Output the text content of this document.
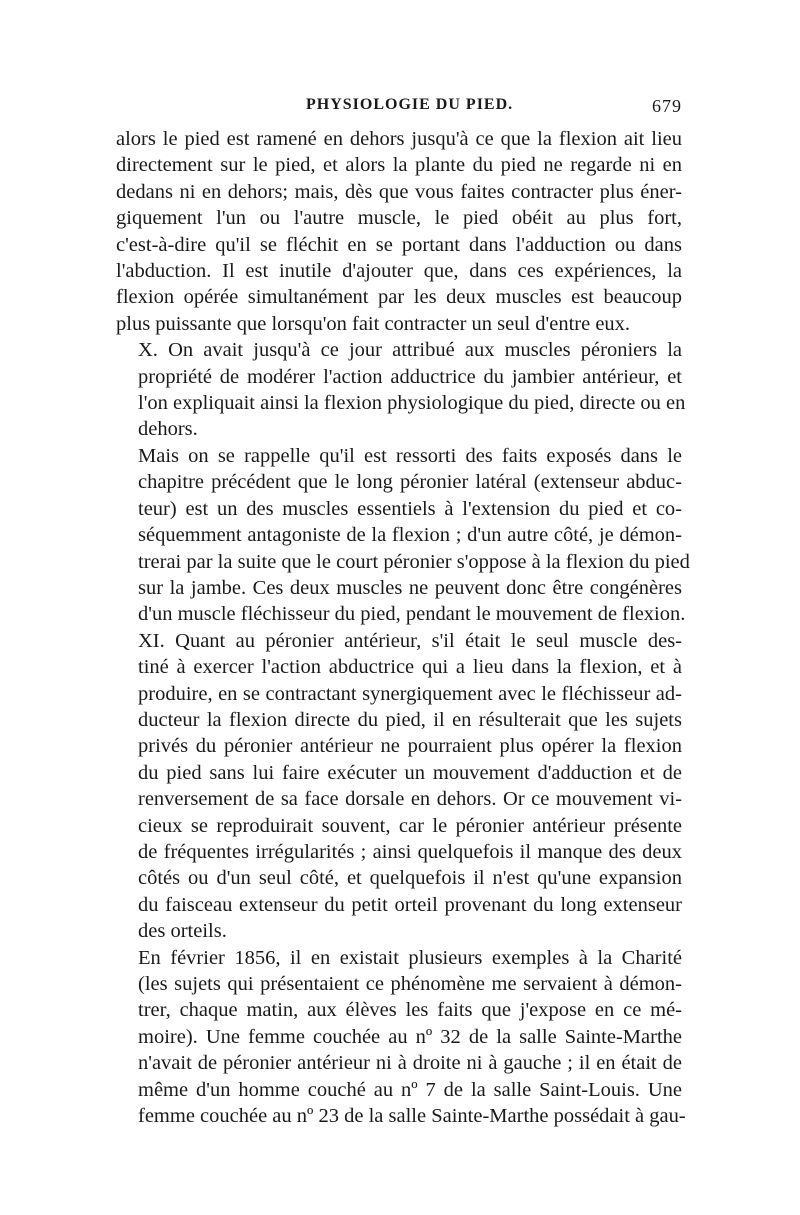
PHYSIOLOGIE DU PIED.	679

alors le pied est ramené en dehors jusqu'à ce que la flexion ait lieu
directement sur le pied, et alors la plante du pied ne regarde ni en
dedans ni en dehors; mais, dès que vous faites contracter plus éner-
giquement l'un ou l'autre muscle, le pied obéit au plus fort,
c'est-à-dire qu'il se fléchit en se portant dans l'adduction ou dans
l'abduction. Il est inutile d'ajouter que, dans ces expériences, la
flexion opérée simultanément par les deux muscles est beaucoup
plus puissante que lorsqu'on fait contracter un seul d'entre eux.

X. On avait jusqu'à ce jour attribué aux muscles péroniers la
propriété de modérer l'action adductrice du jambier antérieur, et
l'on expliquait ainsi la flexion physiologique du pied, directe ou en
dehors.

Mais on se rappelle qu'il est ressorti des faits exposés dans le
chapitre précédent que le long péronier latéral (extenseur abduc-
teur) est un des muscles essentiels à l'extension du pied et co-
séquemment antagoniste de la flexion ; d'un autre côté, je démon-
trerai par la suite que le court péronier s'oppose à la flexion du pied
sur la jambe. Ces deux muscles ne peuvent donc être congénères
d'un muscle fléchisseur du pied, pendant le mouvement de flexion.

XI. Quant au péronier antérieur, s'il était le seul muscle des-
tiné à exercer l'action abductrice qui a lieu dans la flexion, et à
produire, en se contractant synergiquement avec le fléchisseur ad-
ducteur la flexion directe du pied, il en résulterait que les sujets
privés du péronier antérieur ne pourraient plus opérer la flexion
du pied sans lui faire exécuter un mouvement d'adduction et de
renversement de sa face dorsale en dehors. Or ce mouvement vi-
cieux se reproduirait souvent, car le péronier antérieur présente
de fréquentes irrégularités ; ainsi quelquefois il manque des deux
côtés ou d'un seul côté, et quelquefois il n'est qu'une expansion
du faisceau extenseur du petit orteil provenant du long extenseur
des orteils.

En février 1856, il en existait plusieurs exemples à la Charité
(les sujets qui présentaient ce phénomène me servaient à démon-
trer, chaque matin, aux élèves les faits que j'expose en ce mé-
moire). Une femme couchée au nº 32 de la salle Sainte-Marthe
n'avait de péronier antérieur ni à droite ni à gauche ; il en était de
même d'un homme couché au nº 7 de la salle Saint-Louis. Une
femme couchée au nº 23 de la salle Sainte-Marthe possédait à gau-
